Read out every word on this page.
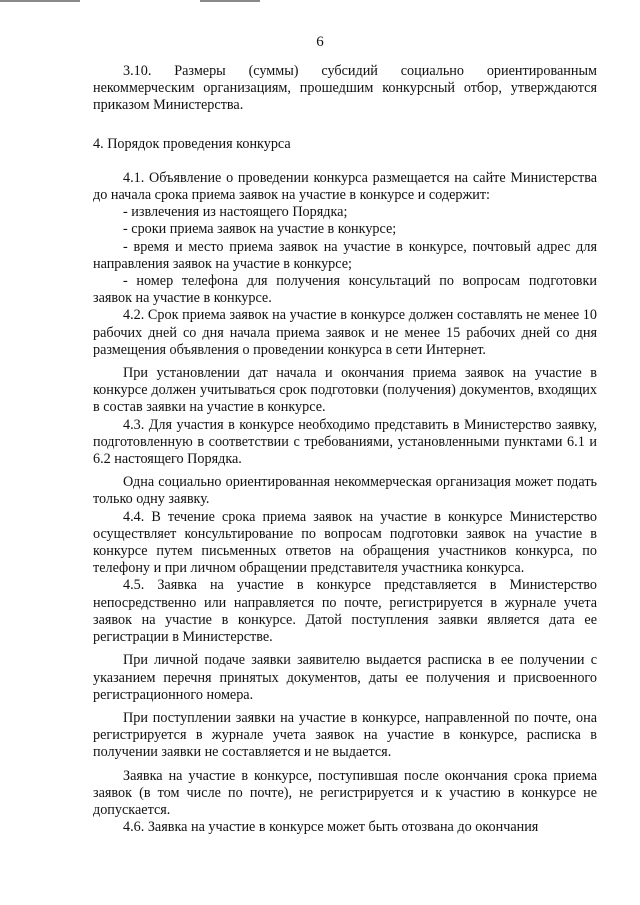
6

3.10. Размеры (суммы) субсидий социально ориентированным некоммерческим организациям, прошедшим конкурсный отбор, утверждаются приказом Министерства.

4. Порядок проведения конкурса

4.1. Объявление о проведении конкурса размещается на сайте Министерства до начала срока приема заявок на участие в конкурсе и содержит:

- извлечения из настоящего Порядка;

- сроки приема заявок на участие в конкурсе;

- время и место приема заявок на участие в конкурсе, почтовый адрес для направления заявок на участие в конкурсе;

- номер телефона для получения консультаций по вопросам подготовки заявок на участие в конкурсе.

4.2. Срок приема заявок на участие в конкурсе должен составлять не менее 10 рабочих дней со дня начала приема заявок и не менее 15 рабочих дней со дня размещения объявления о проведении конкурса в сети Интернет.

При установлении дат начала и окончания приема заявок на участие в конкурсе должен учитываться срок подготовки (получения) документов, входящих в состав заявки на участие в конкурсе.

4.3. Для участия в конкурсе необходимо представить в Министерство заявку, подготовленную в соответствии с требованиями, установленными пунктами 6.1 и 6.2 настоящего Порядка.

Одна социально ориентированная некоммерческая организация может подать только одну заявку.

4.4. В течение срока приема заявок на участие в конкурсе Министерство осуществляет консультирование по вопросам подготовки заявок на участие в конкурсе путем письменных ответов на обращения участников конкурса, по телефону и при личном обращении представителя участника конкурса.

4.5. Заявка на участие в конкурсе представляется в Министерство непосредственно или направляется по почте, регистрируется в журнале учета заявок на участие в конкурсе. Датой поступления заявки является дата ее регистрации в Министерстве.

При личной подаче заявки заявителю выдается расписка в ее получении с указанием перечня принятых документов, даты ее получения и присвоенного регистрационного номера.

При поступлении заявки на участие в конкурсе, направленной по почте, она регистрируется в журнале учета заявок на участие в конкурсе, расписка в получении заявки не составляется и не выдается.

Заявка на участие в конкурсе, поступившая после окончания срока приема заявок (в том числе по почте), не регистрируется и к участию в конкурсе не допускается.

4.6. Заявка на участие в конкурсе может быть отозвана до окончания
